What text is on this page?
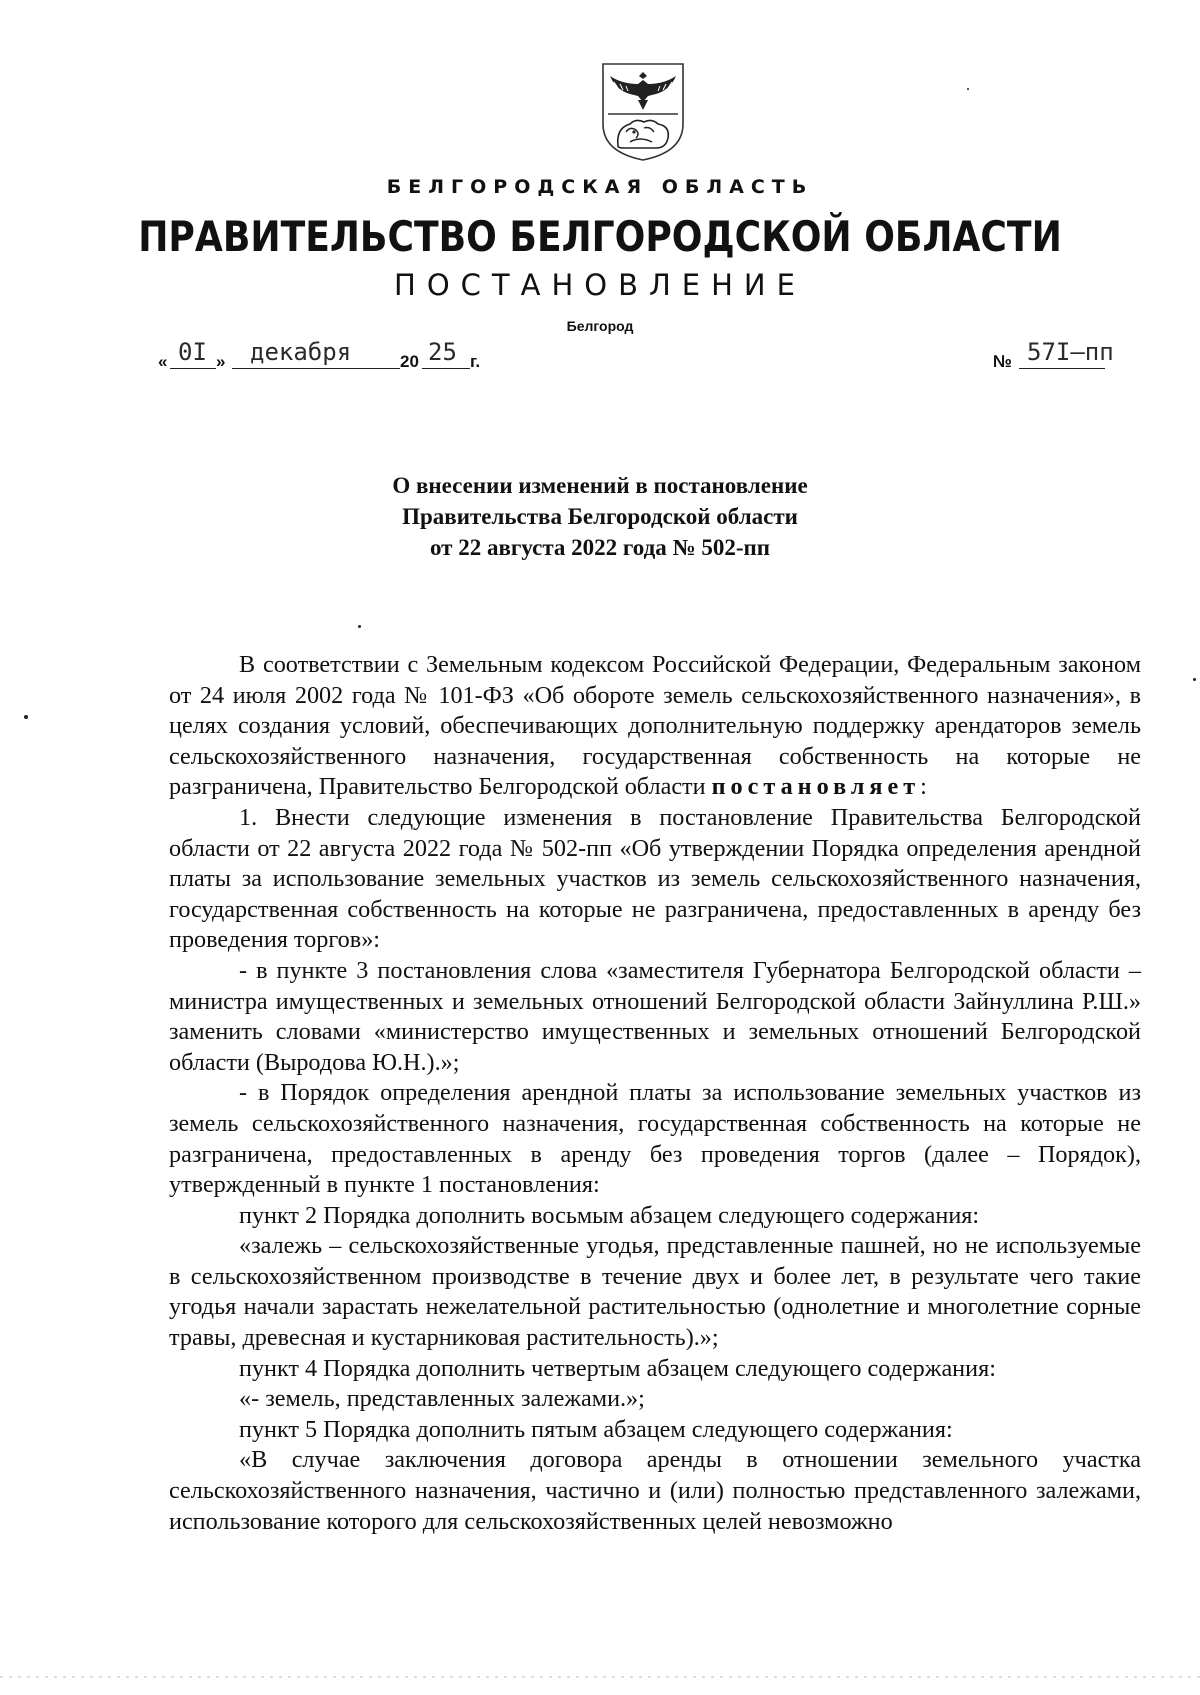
БЕЛГОРОДСКАЯ ОБЛАСТЬ
ПРАВИТЕЛЬСТВО БЕЛГОРОДСКОЙ ОБЛАСТИ
ПОСТАНОВЛЕНИЕ
Белгород
« 0I » декабря	20 25 г.	№ 57I–пп
О внесении изменений в постановление
Правительства Белгородской области
от 22 августа 2022 года № 502-пп

В соответствии с Земельным кодексом Российской Федерации, Федеральным законом от 24 июля 2002 года № 101-ФЗ «Об обороте земель сельскохозяйственного назначения», в целях создания условий, обеспечивающих дополнительную поддержку арендаторов земель сельскохозяйственного назначения, государственная собственность на которые не разграничена, Правительство Белгородской области постановляет:

1. Внести следующие изменения в постановление Правительства Белгородской области от 22 августа 2022 года № 502-пп «Об утверждении Порядка определения арендной платы за использование земельных участков из земель сельскохозяйственного назначения, государственная собственность на которые не разграничена, предоставленных в аренду без проведения торгов»:

- в пункте 3 постановления слова «заместителя Губернатора Белгородской области – министра имущественных и земельных отношений Белгородской области Зайнуллина Р.Ш.» заменить словами «министерство имущественных и земельных отношений Белгородской области (Выродова Ю.Н.).»;

- в Порядок определения арендной платы за использование земельных участков из земель сельскохозяйственного назначения, государственная собственность на которые не разграничена, предоставленных в аренду без проведения торгов (далее – Порядок), утвержденный в пункте 1 постановления:

пункт 2 Порядка дополнить восьмым абзацем следующего содержания:

«залежь – сельскохозяйственные угодья, представленные пашней, но не используемые в сельскохозяйственном производстве в течение двух и более лет, в результате чего такие угодья начали зарастать нежелательной растительностью (однолетние и многолетние сорные травы, древесная и кустарниковая растительность).»;

пункт 4 Порядка дополнить четвертым абзацем следующего содержания:

«- земель, представленных залежами.»;

пункт 5 Порядка дополнить пятым абзацем следующего содержания:

«В случае заключения договора аренды в отношении земельного участка сельскохозяйственного назначения, частично и (или) полностью представленного залежами, использование которого для сельскохозяйственных целей невозможно
